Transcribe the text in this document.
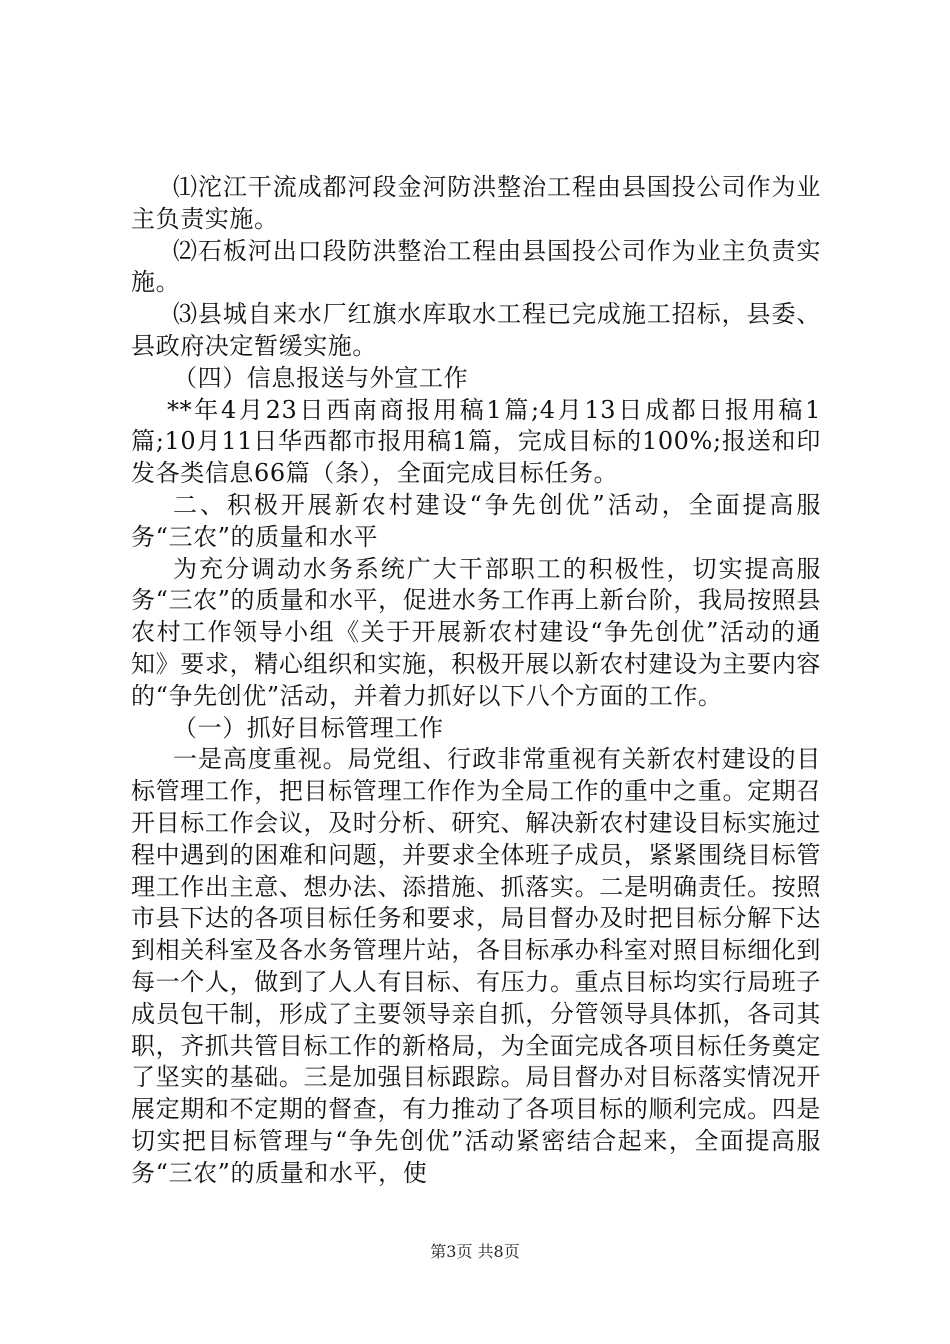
⑴沱江干流成都河段金河防洪整治工程由县国投公司作为业主负责实施。

⑵石板河出口段防洪整治工程由县国投公司作为业主负责实施。

⑶县城自来水厂红旗水库取水工程已完成施工招标，县委、县政府决定暂缓实施。

（四）信息报送与外宣工作

**年4月23日西南商报用稿1篇;4月13日成都日报用稿1篇;10月11日华西都市报用稿1篇，完成目标的100%;报送和印发各类信息66篇（条），全面完成目标任务。

二、积极开展新农村建设“争先创优”活动，全面提高服务“三农”的质量和水平

为充分调动水务系统广大干部职工的积极性，切实提高服务“三农”的质量和水平，促进水务工作再上新台阶，我局按照县农村工作领导小组《关于开展新农村建设“争先创优”活动的通知》要求，精心组织和实施，积极开展以新农村建设为主要内容的“争先创优”活动，并着力抓好以下八个方面的工作。

（一）抓好目标管理工作

一是高度重视。局党组、行政非常重视有关新农村建设的目标管理工作，把目标管理工作作为全局工作的重中之重。定期召开目标工作会议，及时分析、研究、解决新农村建设目标实施过程中遇到的困难和问题，并要求全体班子成员，紧紧围绕目标管理工作出主意、想办法、添措施、抓落实。二是明确责任。按照市县下达的各项目标任务和要求，局目督办及时把目标分解下达到相关科室及各水务管理片站，各目标承办科室对照目标细化到每一个人，做到了人人有目标、有压力。重点目标均实行局班子成员包干制，形成了主要领导亲自抓，分管领导具体抓，各司其职，齐抓共管目标工作的新格局，为全面完成各项目标任务奠定了坚实的基础。三是加强目标跟踪。局目督办对目标落实情况开展定期和不定期的督查，有力推动了各项目标的顺利完成。四是切实把目标管理与“争先创优”活动紧密结合起来，全面提高服务“三农”的质量和水平，使

第3页 共8页
